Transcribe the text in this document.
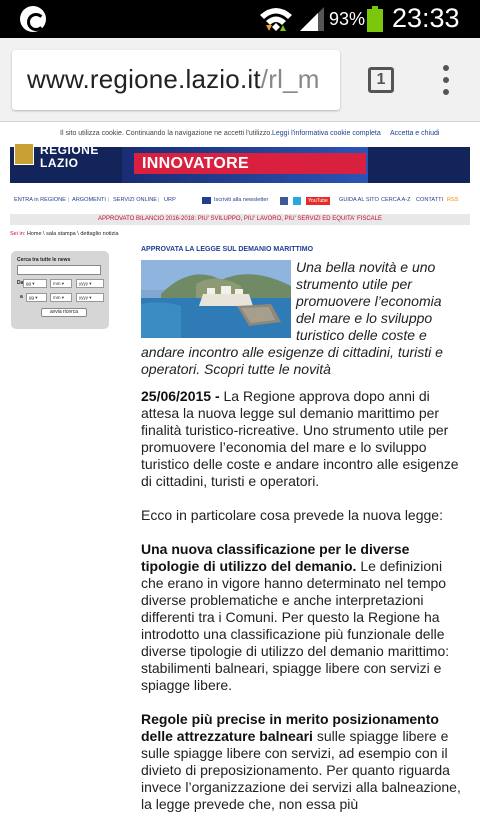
93% 23:33
www.regione.lazio.it/rl_m	1
Il sito utilizza cookie. Continuando la navigazione ne accetti l'utilizzo. Leggi l'informativa cookie completa Accetta e chiudi
REGIONE
LAZIO	INNOVATORE
ENTRA in REGIONE | ARGOMENTI | SERVIZI ONLINE | URP	Iscriviti alla newsletter	YouTube	GUIDA AL SITO CERCA A-Z CONTATTI RSS
APPROVATO BILANCIO 2016-2018: PIU' SVILUPPO, PIU' LAVORO, PIU' SERVIZI ED EQUITA' FISCALE
Sei in: Home \ sala stampa \ dettaglio notizia
Cerca tra tutte le news
Da gg ▾	mm ▾	yyyy ▾
a	gg ▾	mm ▾	yyyy ▾
avvia ricerca
APPROVATA LA LEGGE SUL DEMANIO MARITTIMO
Una bella novità e uno strumento utile per promuovere l’economia del mare e lo sviluppo turistico delle coste e andare incontro alle esigenze di cittadini, turisti e operatori. Scopri tutte le novità

25/06/2015 - La Regione approva dopo anni di attesa la nuova legge sul demanio marittimo per finalità turistico-ricreative. Uno strumento utile per promuovere l’economia del mare e lo sviluppo turistico delle coste e andare incontro alle esigenze di cittadini, turisti e operatori.

Ecco in particolare cosa prevede la nuova legge:

Una nuova classificazione per le diverse tipologie di utilizzo del demanio. Le definizioni che erano in vigore hanno determinato nel tempo diverse problematiche e anche interpretazioni differenti tra i Comuni. Per questo la Regione ha introdotto una classificazione più funzionale delle diverse tipologie di utilizzo del demanio marittimo: stabilimenti balneari, spiagge libere con servizi e spiagge libere.

Regole più precise in merito posizionamento delle attrezzature balneari sulle spiagge libere e sulle spiagge libere con servizi, ad esempio con il divieto di preposizionamento. Per quanto riguarda invece l’organizzazione dei servizi alla balneazione, la legge prevede che, non essa più
